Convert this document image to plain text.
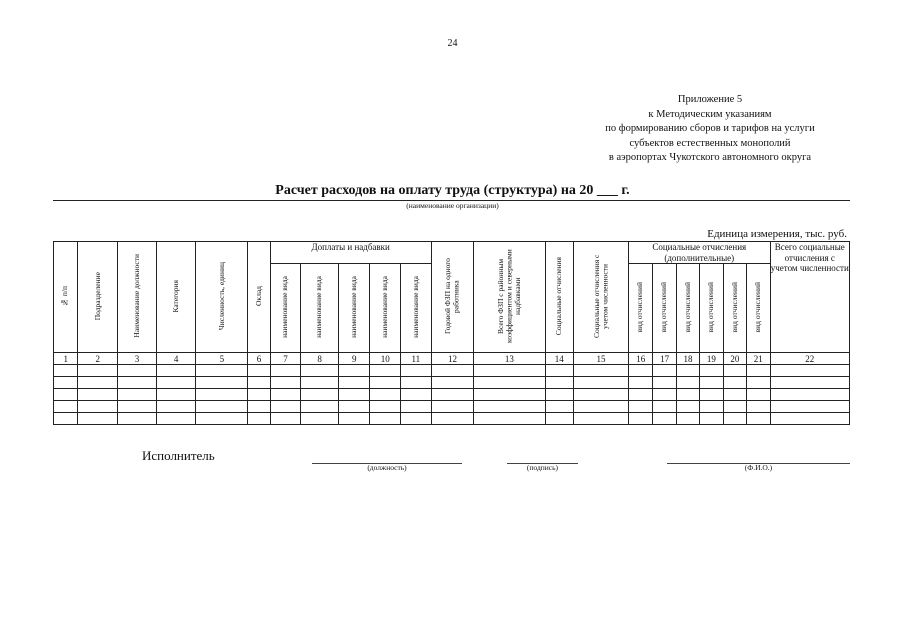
24
Приложение 5
к Методическим указаниям
по формированию сборов и тарифов на услуги
субъектов естественных монополий
в аэропортах Чукотского автономного округа
Расчет расходов на оплату труда (структура) на 20 ___ г.
(наименование организации)
Единица измерения, тыс. руб.
№ п/п	Подразделение	Наименование должности	Категория	Численность, единиц	Оклад	Доплаты и надбавки					Годовой ФЗП на одного работника	Всего ФЗП с районным коэффициентом и северными надбавками	Социальные отчисления	Социальные отчисления с учетом численности	Социальные отчисления (дополнительные)						Всего социальные отчисления с учетом численности
						наименование вида	наименование вида	наименование вида	наименование вида	наименование вида					вид отчислений	вид отчислений	вид отчислений	вид отчислений	вид отчислений	вид отчислений	
1	2	3	4	5	6	7	8	9	10	11	12	13	14	15	16	17	18	19	20	21	22

Исполнитель
(должность)	(подпись)	(Ф.И.О.)
